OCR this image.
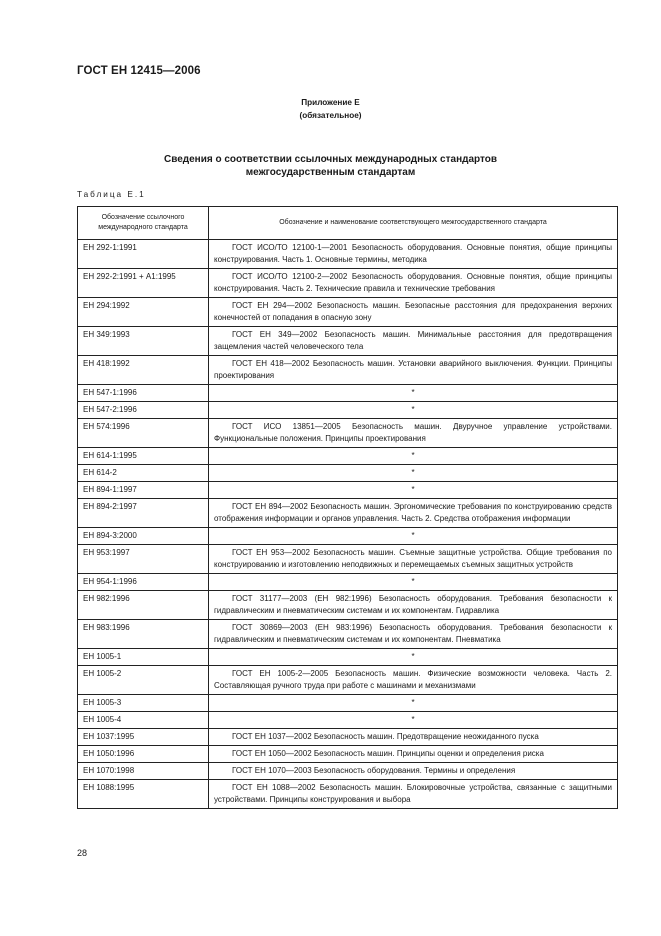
ГОСТ ЕН 12415—2006
Приложение Е
(обязательное)
Сведения о соответствии ссылочных международных стандартов
межгосударственным стандартам
Таблица Е.1
Обозначение ссылочного международного стандарта	Обозначение и наименование соответствующего межгосударственного стандарта
ЕН 292-1:1991	ГОСТ ИСО/ТО 12100-1—2001 Безопасность оборудования. Основные понятия, общие принципы конструирования. Часть 1. Основные термины, методика
ЕН 292-2:1991 + А1:1995	ГОСТ ИСО/ТО 12100-2—2002 Безопасность оборудования. Основные понятия, общие принципы конструирования. Часть 2. Технические правила и технические требования
ЕН 294:1992	ГОСТ ЕН 294—2002 Безопасность машин. Безопасные расстояния для предохранения верхних конечностей от попадания в опасную зону
ЕН 349:1993	ГОСТ ЕН 349—2002 Безопасность машин. Минимальные расстояния для предотвращения защемления частей человеческого тела
ЕН 418:1992	ГОСТ ЕН 418—2002 Безопасность машин. Установки аварийного выключения. Функции. Принципы проектирования
ЕН 547-1:1996	*
ЕН 547-2:1996	*
ЕН 574:1996	ГОСТ ИСО 13851—2005 Безопасность машин. Двуручное управление устройствами. Функциональные положения. Принципы проектирования
ЕН 614-1:1995	*
ЕН 614-2	*
ЕН 894-1:1997	*
ЕН 894-2:1997	ГОСТ ЕН 894—2002 Безопасность машин. Эргономические требования по конструированию средств отображения информации и органов управления. Часть 2. Средства отображения информации
ЕН 894-3:2000	*
ЕН 953:1997	ГОСТ ЕН 953—2002 Безопасность машин. Съемные защитные устройства. Общие требования по конструированию и изготовлению неподвижных и перемещаемых съемных защитных устройств
ЕН 954-1:1996	*
ЕН 982:1996	ГОСТ 31177—2003 (ЕН 982:1996) Безопасность оборудования. Требования безопасности к гидравлическим и пневматическим системам и их компонентам. Гидравлика
ЕН 983:1996	ГОСТ 30869—2003 (ЕН 983:1996) Безопасность оборудования. Требования безопасности к гидравлическим и пневматическим системам и их компонентам. Пневматика
ЕН 1005-1	*
ЕН 1005-2	ГОСТ ЕН 1005-2—2005 Безопасность машин. Физические возможности человека. Часть 2. Составляющая ручного труда при работе с машинами и механизмами
ЕН 1005-3	*
ЕН 1005-4	*
ЕН 1037:1995	ГОСТ ЕН 1037—2002 Безопасность машин. Предотвращение неожиданного пуска
ЕН 1050:1996	ГОСТ ЕН 1050—2002 Безопасность машин. Принципы оценки и определения риска
ЕН 1070:1998	ГОСТ ЕН 1070—2003 Безопасность оборудования. Термины и определения
ЕН 1088:1995	ГОСТ ЕН 1088—2002 Безопасность машин. Блокировочные устройства, связанные с защитными устройствами. Принципы конструирования и выбора
28
